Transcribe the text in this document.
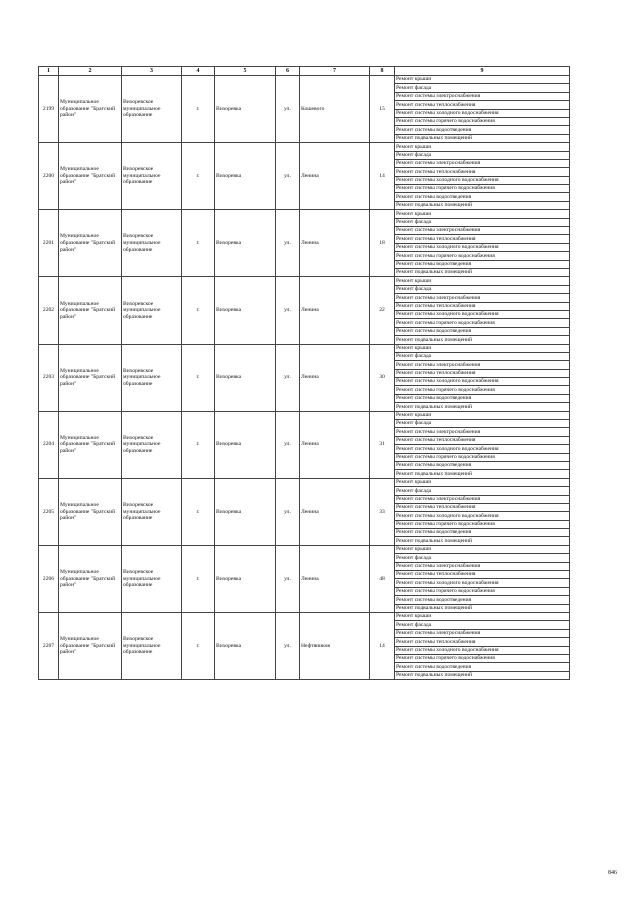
1	2	3	4	5	6	7	8	9
2199	Муниципальное образование "Братский район"	Вихоревское муниципальное образование	г.	Вихоревка	ул.	Кошевого	15	Ремонт крыши
								Ремонт фасада
								Ремонт системы электроснабжения
								Ремонт системы теплоснабжения
								Ремонт системы холодного водоснабжения
								Ремонт системы горячего водоснабжения
								Ремонт системы водоотведения
								Ремонт подвальных помещений
2200	Муниципальное образование "Братский район"	Вихоревское муниципальное образование	г.	Вихоревка	ул.	Ленина	14	Ремонт крыши
								Ремонт фасада
								Ремонт системы электроснабжения
								Ремонт системы теплоснабжения
								Ремонт системы холодного водоснабжения
								Ремонт системы горячего водоснабжения
								Ремонт системы водоотведения
								Ремонт подвальных помещений
2201	Муниципальное образование "Братский район"	Вихоревское муниципальное образование	г.	Вихоревка	ул.	Ленина	18	Ремонт крыши
								Ремонт фасада
								Ремонт системы электроснабжения
								Ремонт системы теплоснабжения
								Ремонт системы холодного водоснабжения
								Ремонт системы горячего водоснабжения
								Ремонт системы водоотведения
								Ремонт подвальных помещений
2202	Муниципальное образование "Братский район"	Вихоревское муниципальное образование	г.	Вихоревка	ул.	Ленина	22	Ремонт крыши
								Ремонт фасада
								Ремонт системы электроснабжения
								Ремонт системы теплоснабжения
								Ремонт системы холодного водоснабжения
								Ремонт системы горячего водоснабжения
								Ремонт системы водоотведения
								Ремонт подвальных помещений
2203	Муниципальное образование "Братский район"	Вихоревское муниципальное образование	г.	Вихоревка	ул.	Ленина	30	Ремонт крыши
								Ремонт фасада
								Ремонт системы электроснабжения
								Ремонт системы теплоснабжения
								Ремонт системы холодного водоснабжения
								Ремонт системы горячего водоснабжения
								Ремонт системы водоотведения
								Ремонт подвальных помещений
2204	Муниципальное образование "Братский район"	Вихоревское муниципальное образование	г.	Вихоревка	ул.	Ленина	31	Ремонт крыши
								Ремонт фасада
								Ремонт системы электроснабжения
								Ремонт системы теплоснабжения
								Ремонт системы холодного водоснабжения
								Ремонт системы горячего водоснабжения
								Ремонт системы водоотведения
								Ремонт подвальных помещений
2205	Муниципальное образование "Братский район"	Вихоревское муниципальное образование	г.	Вихоревка	ул.	Ленина	33	Ремонт крыши
								Ремонт фасада
								Ремонт системы электроснабжения
								Ремонт системы теплоснабжения
								Ремонт системы холодного водоснабжения
								Ремонт системы горячего водоснабжения
								Ремонт системы водоотведения
								Ремонт подвальных помещений
2206	Муниципальное образование "Братский район"	Вихоревское муниципальное образование	г.	Вихоревка	ул.	Ленина	48	Ремонт крыши
								Ремонт фасада
								Ремонт системы электроснабжения
								Ремонт системы теплоснабжения
								Ремонт системы холодного водоснабжения
								Ремонт системы горячего водоснабжения
								Ремонт системы водоотведения
								Ремонт подвальных помещений
2207	Муниципальное образование "Братский район"	Вихоревское муниципальное образование	г.	Вихоревка	ул.	Нефтяников	14	Ремонт крыши
								Ремонт фасада
								Ремонт системы электроснабжения
								Ремонт системы теплоснабжения
								Ремонт системы холодного водоснабжения
								Ремонт системы горячего водоснабжения
								Ремонт системы водоотведения
								Ремонт подвальных помещений
846
